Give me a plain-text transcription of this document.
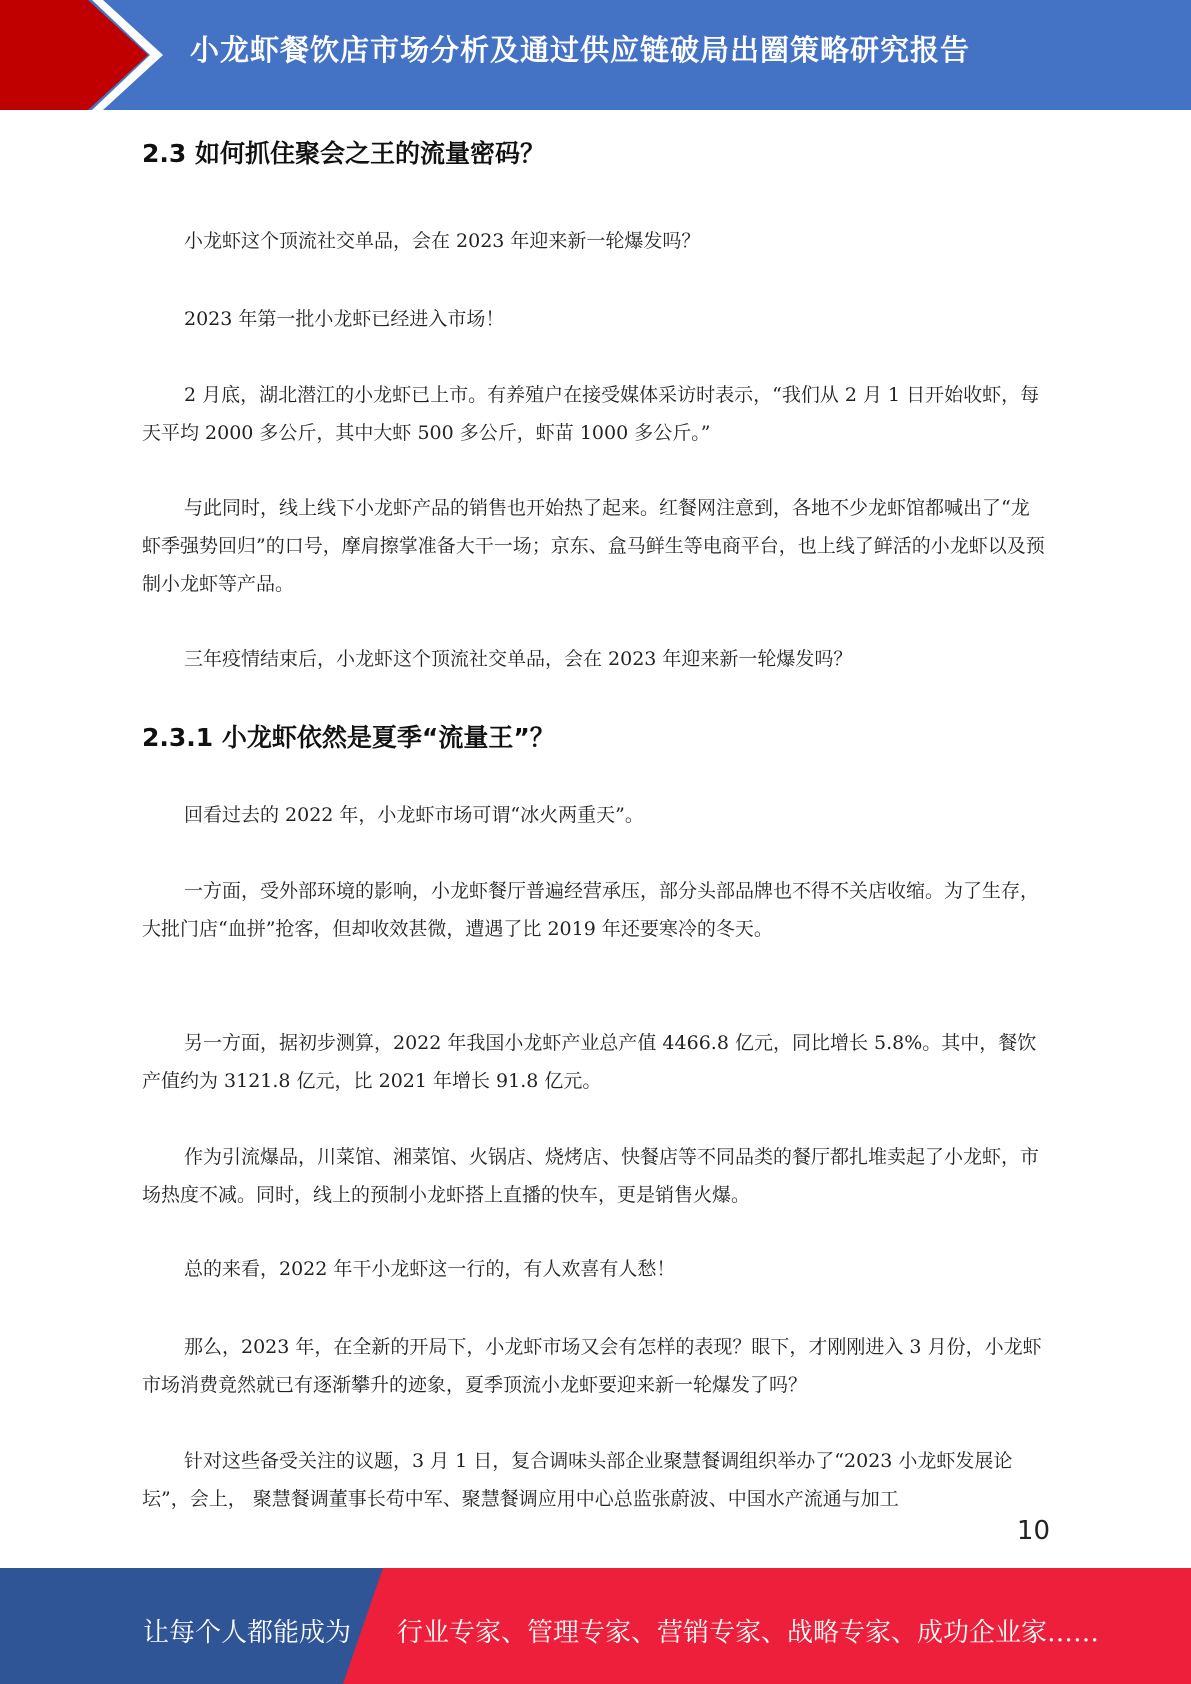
小龙虾餐饮店市场分析及通过供应链破局出圈策略研究报告
2.3 如何抓住聚会之王的流量密码？

小龙虾这个顶流社交单品，会在 2023 年迎来新一轮爆发吗？

2023 年第一批小龙虾已经进入市场！

2 月底，湖北潜江的小龙虾已上市。有养殖户在接受媒体采访时表示，“我们从 2 月 1 日开始收虾，每天平均 2000 多公斤，其中大虾 500 多公斤，虾苗 1000 多公斤。”

与此同时，线上线下小龙虾产品的销售也开始热了起来。红餐网注意到，各地不少龙虾馆都喊出了“龙虾季强势回归”的口号，摩肩擦掌准备大干一场；京东、盒马鲜生等电商平台，也上线了鲜活的小龙虾以及预制小龙虾等产品。

三年疫情结束后，小龙虾这个顶流社交单品，会在 2023 年迎来新一轮爆发吗？

2.3.1 小龙虾依然是夏季“流量王”？

回看过去的 2022 年，小龙虾市场可谓“冰火两重天”。

一方面，受外部环境的影响，小龙虾餐厅普遍经营承压，部分头部品牌也不得不关店收缩。为了生存，大批门店“血拼”抢客，但却收效甚微，遭遇了比 2019 年还要寒冷的冬天。

另一方面，据初步测算，2022 年我国小龙虾产业总产值 4466.8 亿元，同比增长 5.8%。其中，餐饮产值约为 3121.8 亿元，比 2021 年增长 91.8 亿元。

作为引流爆品，川菜馆、湘菜馆、火锅店、烧烤店、快餐店等不同品类的餐厅都扎堆卖起了小龙虾，市场热度不减。同时，线上的预制小龙虾搭上直播的快车，更是销售火爆。

总的来看，2022 年干小龙虾这一行的，有人欢喜有人愁！

那么，2023 年，在全新的开局下，小龙虾市场又会有怎样的表现？眼下，才刚刚进入 3 月份，小龙虾市场消费竟然就已有逐渐攀升的迹象，夏季顶流小龙虾要迎来新一轮爆发了吗？

针对这些备受关注的议题，3 月 1 日，复合调味头部企业聚慧餐调组织举办了“2023 小龙虾发展论坛”，会上， 聚慧餐调董事长苟中军、聚慧餐调应用中心总监张蔚波、中国水产流通与加工

10
让每个人都能成为 行业专家、管理专家、营销专家、战略专家、成功企业家……
